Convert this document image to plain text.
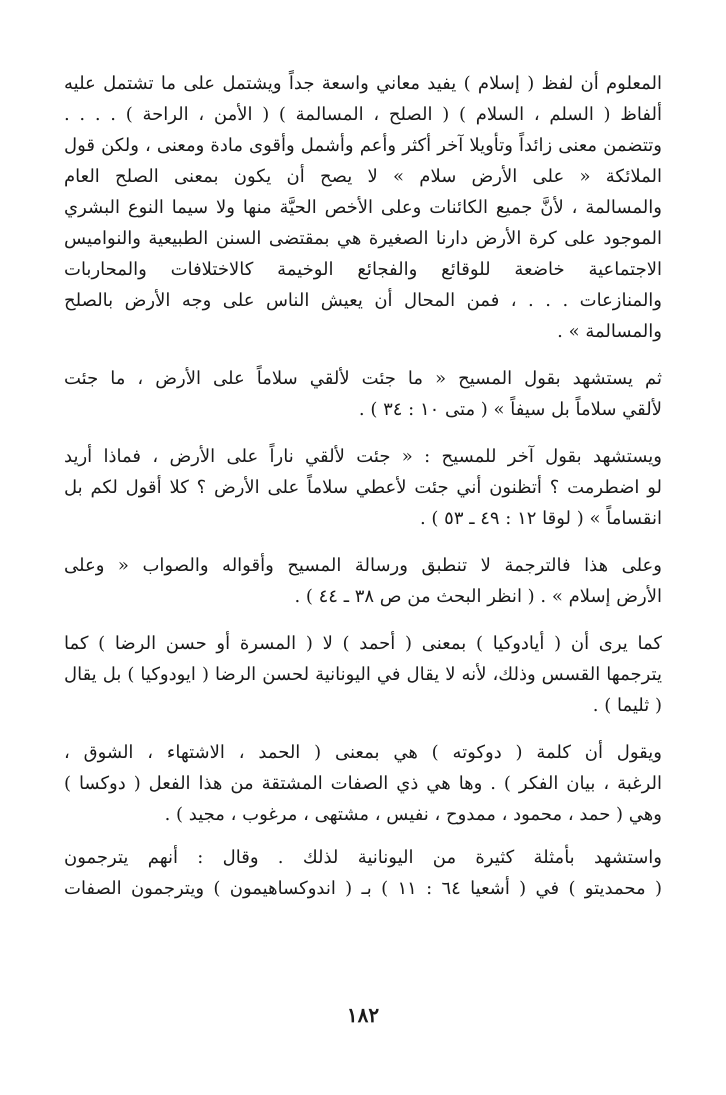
المعلوم أن لفظ ( إسلام ) يفيد معاني واسعة جداً ويشتمل على ما تشتمل عليه
ألفاظ ( السلم ، السلام ) ( الصلح ، المسالمة ) ( الأمن ، الراحة ) . . . .
وتتضمن معنى زائداً وتأويلا آخر أكثر وأعم وأشمل وأقوى مادة ومعنى ، ولكن قول
الملائكة « على الأرض سلام » لا يصح أن يكون بمعنى الصلح العام
والمسالمة ، لأنَّ جميع الكائنات وعلى الأخص الحيَّة منها ولا سيما النوع البشري
الموجود على كرة الأرض دارنا الصغيرة هي بمقتضى السنن الطبيعية والنواميس
الاجتماعية خاضعة للوقائع والفجائع الوخيمة كالاختلافات والمحاربات
والمنازعات . . . ، فمن المحال أن يعيش الناس على وجه الأرض بالصلح
والمسالمة » .
ثم يستشهد بقول المسيح « ما جئت لألقي سلاماً على الأرض ، ما جئت
لألقي سلاماً بل سيفاً » ( متى ١٠ : ٣٤ ) .
ويستشهد بقول آخر للمسيح : « جئت لألقي ناراً على الأرض ، فماذا أريد
لو اضطرمت ؟ أتظنون أني جئت لأعطي سلاماً على الأرض ؟ كلا أقول لكم بل
انقساماً » ( لوقا ١٢ : ٤٩ ـ ٥٣ ) .
وعلى هذا فالترجمة لا تنطبق ورسالة المسيح وأقواله والصواب « وعلى
الأرض إسلام » . ( انظر البحث من ص ٣٨ ـ ٤٤ ) .
كما يرى أن ( أيادوكيا ) بمعنى ( أحمد ) لا ( المسرة أو حسن الرضا ) كما
يترجمها القسس وذلك، لأنه لا يقال في اليونانية لحسن الرضا ( ايودوكيا ) بل يقال
( ثليما ) .
ويقول أن كلمة ( دوكوته ) هي بمعنى ( الحمد ، الاشتهاء ، الشوق ،
الرغبة ، بيان الفكر ) . وها هي ذي الصفات المشتقة من هذا الفعل ( دوكسا )
وهي ( حمد ، محمود ، ممدوح ، نفيس ، مشتهى ، مرغوب ، مجيد ) .
واستشهد بأمثلة كثيرة من اليونانية لذلك . وقال : أنهم يترجمون
( محمديتو ) في ( أشعيا ٦٤ : ١١ ) بـ ( اندوكساهيمون ) ويترجمون الصفات
١٨٢
